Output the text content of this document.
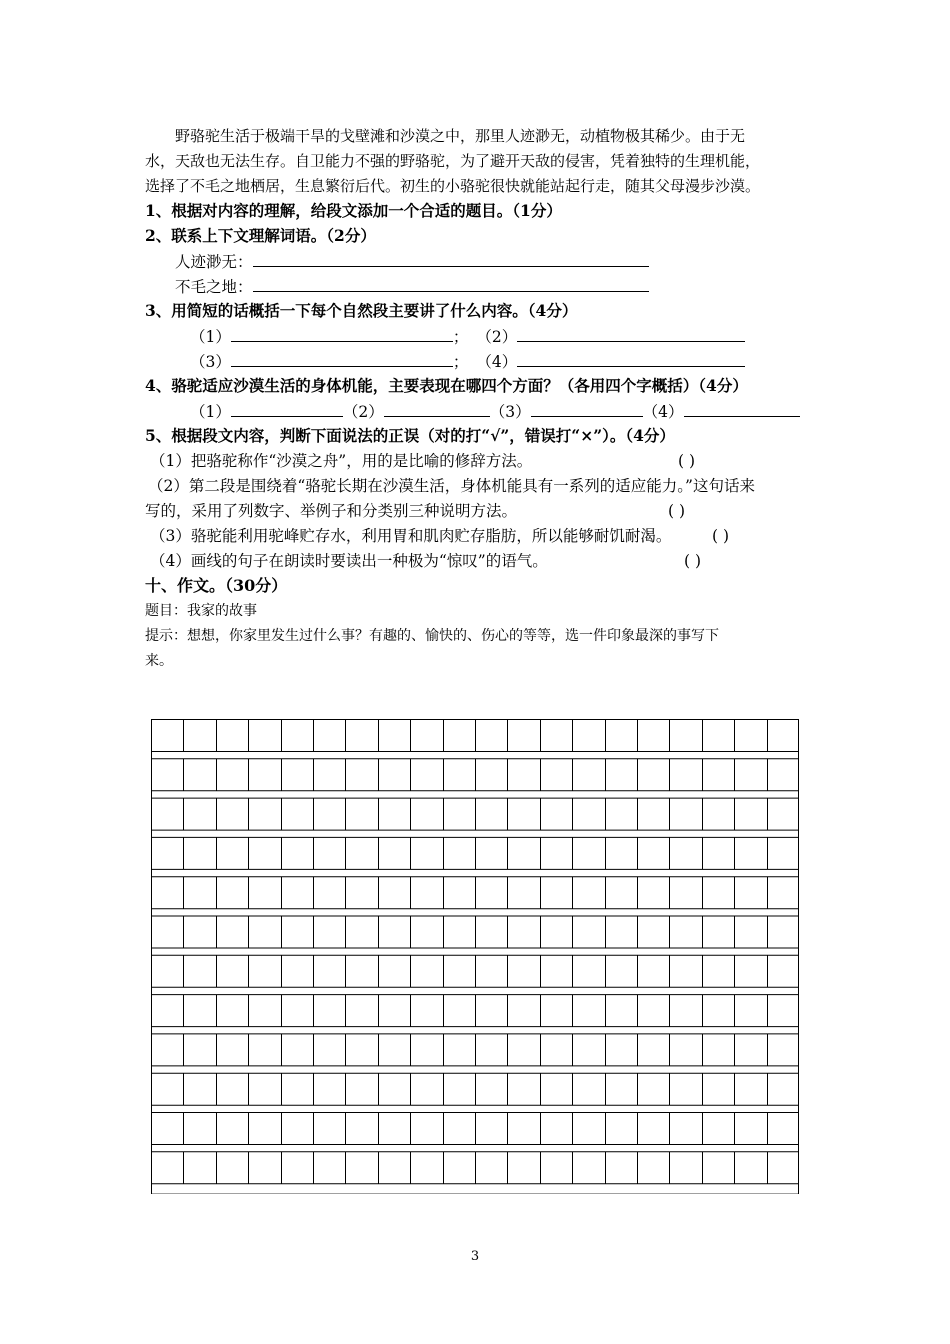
野骆驼生活于极端干旱的戈壁滩和沙漠之中，那里人迹渺无，动植物极其稀少。由于无
水，天敌也无法生存。自卫能力不强的野骆驼，为了避开天敌的侵害，凭着独特的生理机能，
选择了不毛之地栖居，生息繁衍后代。初生的小骆驼很快就能站起行走，随其父母漫步沙漠。
1、根据对内容的理解，给段文添加一个合适的题目。（1分）
2、联系上下文理解词语。（2分）
人迹渺无：
不毛之地：
3、用简短的话概括一下每个自然段主要讲了什么内容。（4分）
（1）	； （2）
（3）	； （4）
4、骆驼适应沙漠生活的身体机能，主要表现在哪四个方面？（各用四个字概括）（4分）
（1）	（2）	（3）	（4）
5、根据段文内容，判断下面说法的正误（对的打“√”，错误打“×”）。（4分）
（1）把骆驼称作“沙漠之舟”，用的是比喻的修辞方法。	( )
（2）第二段是围绕着“骆驼长期在沙漠生活，身体机能具有一系列的适应能力。”这句话来
写的，采用了列数字、举例子和分类别三种说明方法。	( )
（3）骆驼能利用驼峰贮存水，利用胃和肌肉贮存脂肪，所以能够耐饥耐渴。	( )
（4）画线的句子在朗读时要读出一种极为“惊叹”的语气。	( )
十、作文。（30分）
题目：我家的故事
提示：想想，你家里发生过什么事？有趣的、愉快的、伤心的等等，选一件印象最深的事写下
来。
3
